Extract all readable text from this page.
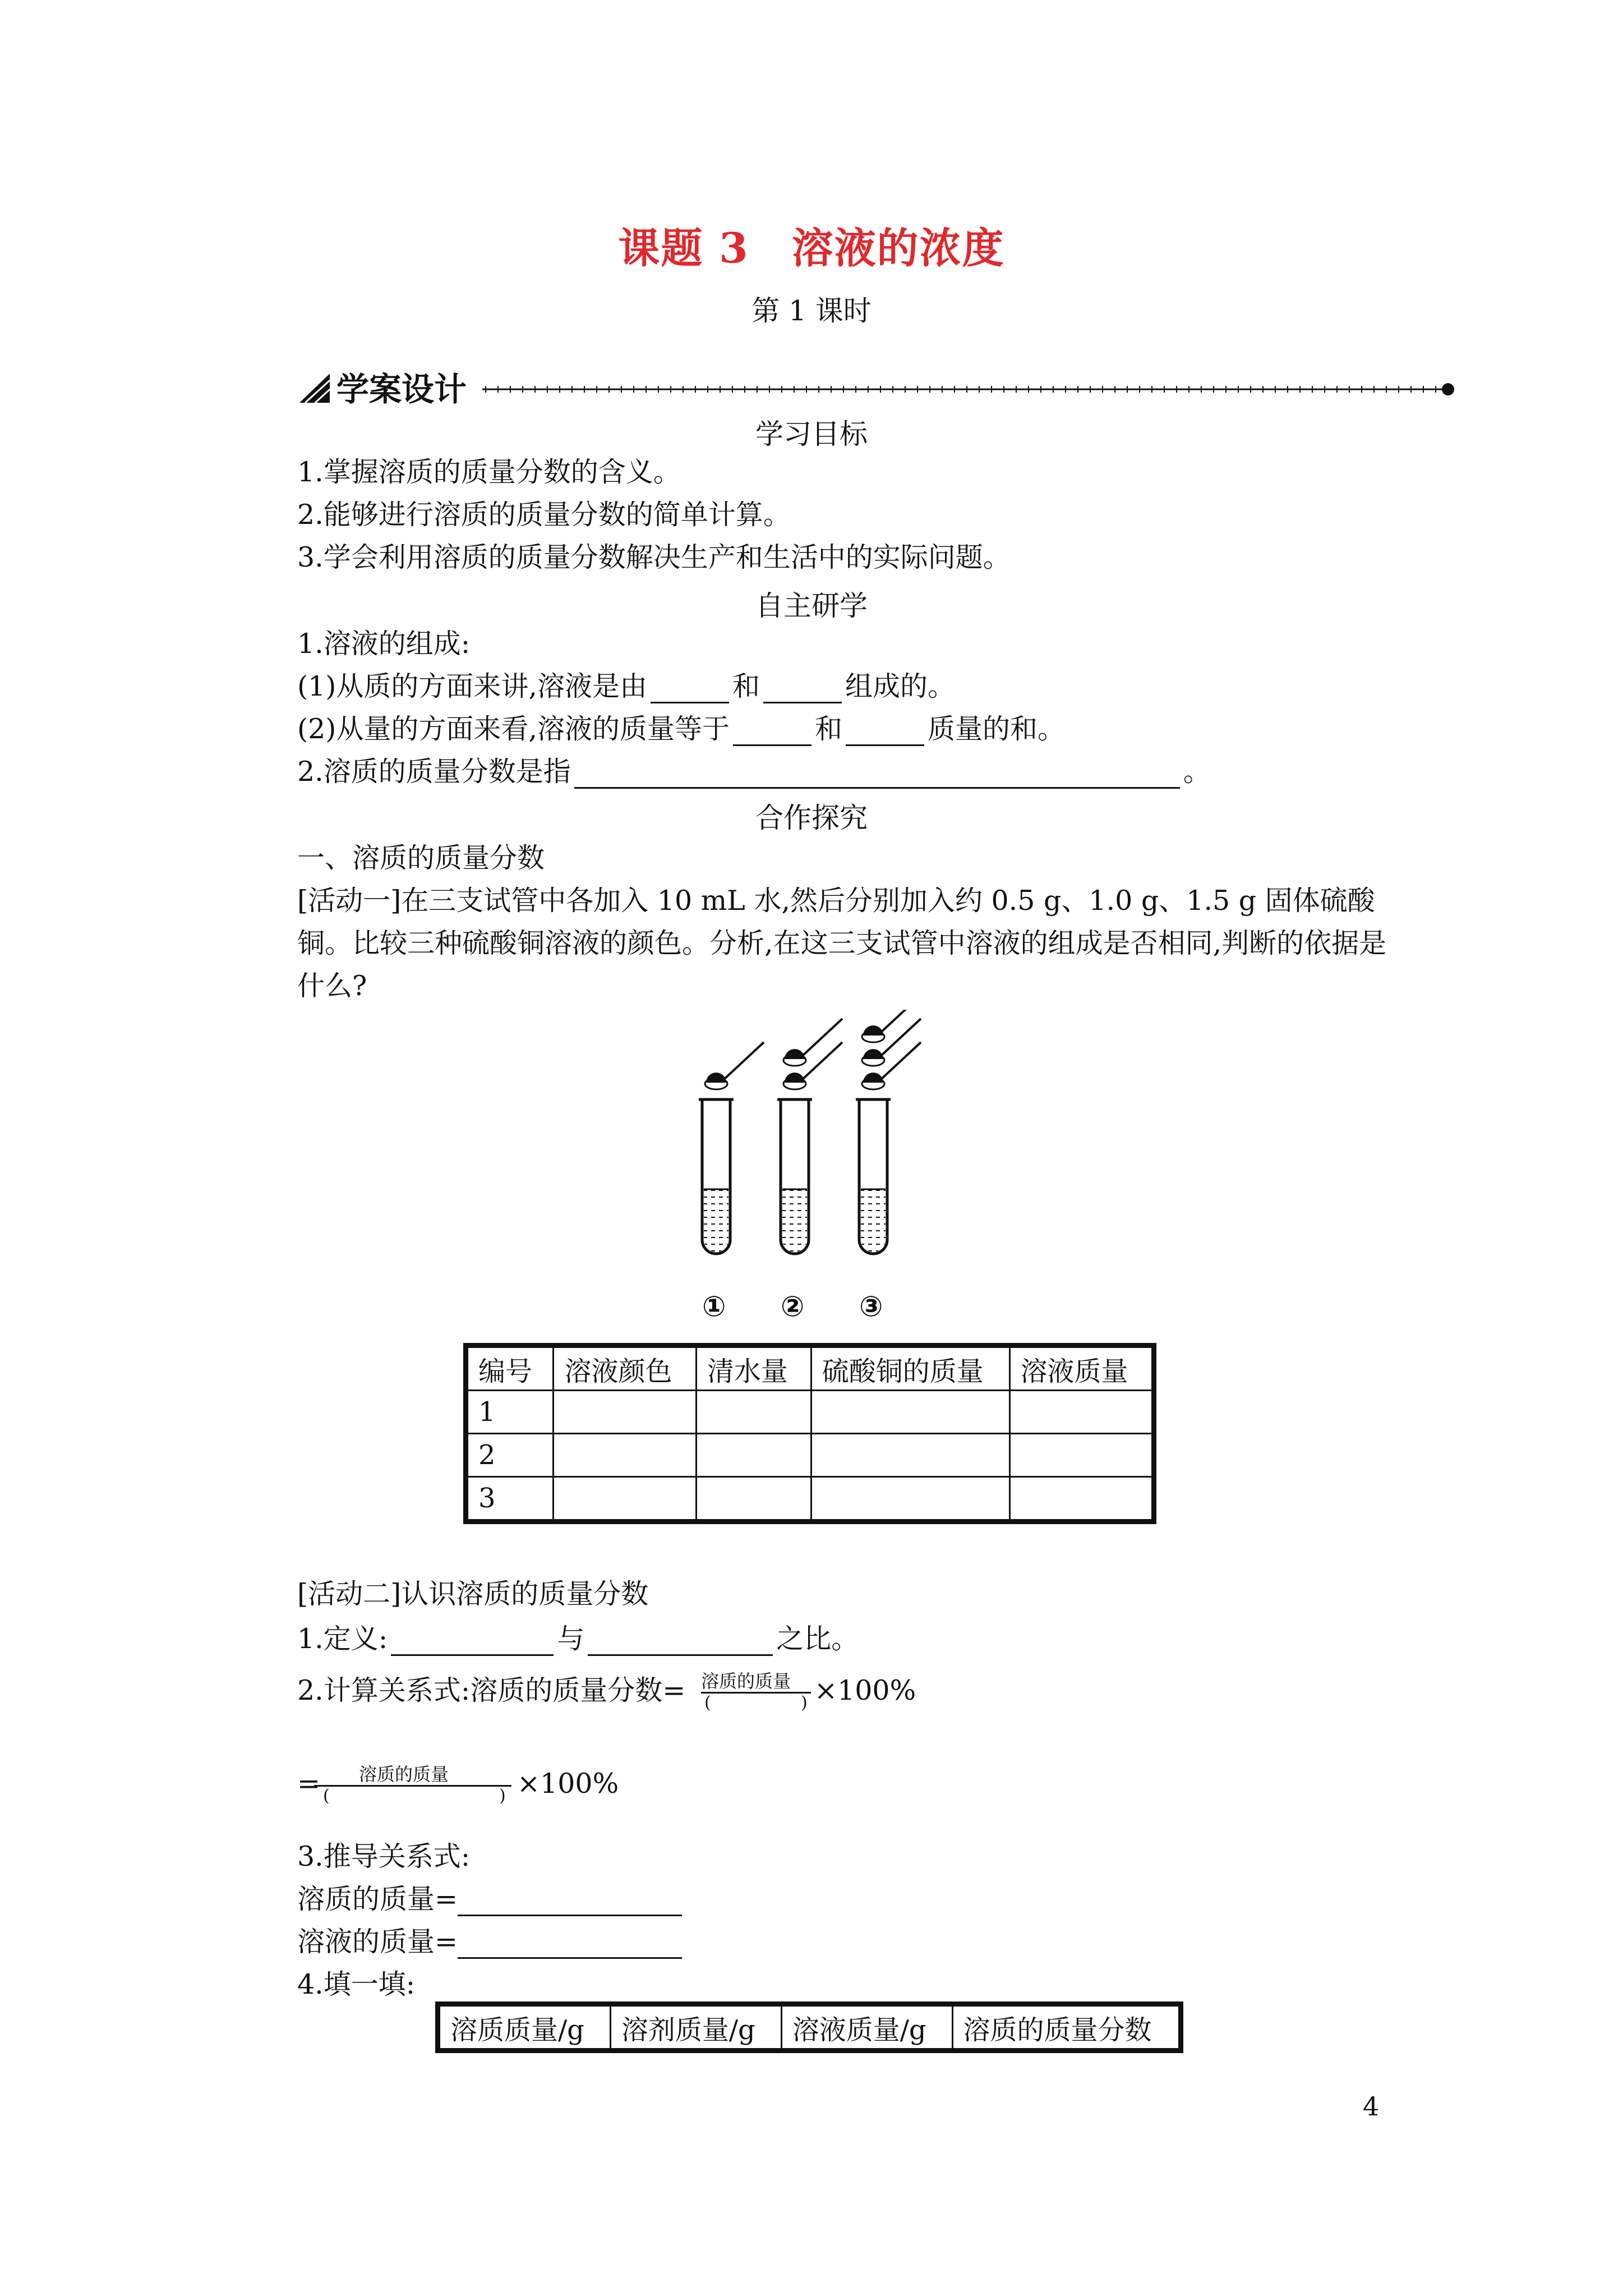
课题 3　溶液的浓度
第 1 课时
学案设计
学习目标
1.掌握溶质的质量分数的含义。
2.能够进行溶质的质量分数的简单计算。
3.学会利用溶质的质量分数解决生产和生活中的实际问题。
自主研学
1.溶液的组成:
(1)从质的方面来讲,溶液是由	和	组成的。
(2)从量的方面来看,溶液的质量等于	和	质量的和。
2.溶质的质量分数是指	。
合作探究
一、溶质的质量分数
[活动一]在三支试管中各加入 10 mL 水,然后分别加入约 0.5 g、1.0 g、1.5 g 固体硫酸
铜。比较三种硫酸铜溶液的颜色。分析,在这三支试管中溶液的组成是否相同,判断的依据是
什么?
① ② ③
编号	溶液颜色	清水量	硫酸铜的质量	溶液质量
1				
2				
3				
[活动二]认识溶质的质量分数
1.定义:	与	之比。
2.计算关系式:溶质的质量分数= 溶质的质量
(	) ×100%
= 溶质的质量
(	) ×100%
3.推导关系式:
溶质的质量=
溶液的质量=
4.填一填:
溶质质量/g	溶剂质量/g	溶液质量/g	溶质的质量分数
4
